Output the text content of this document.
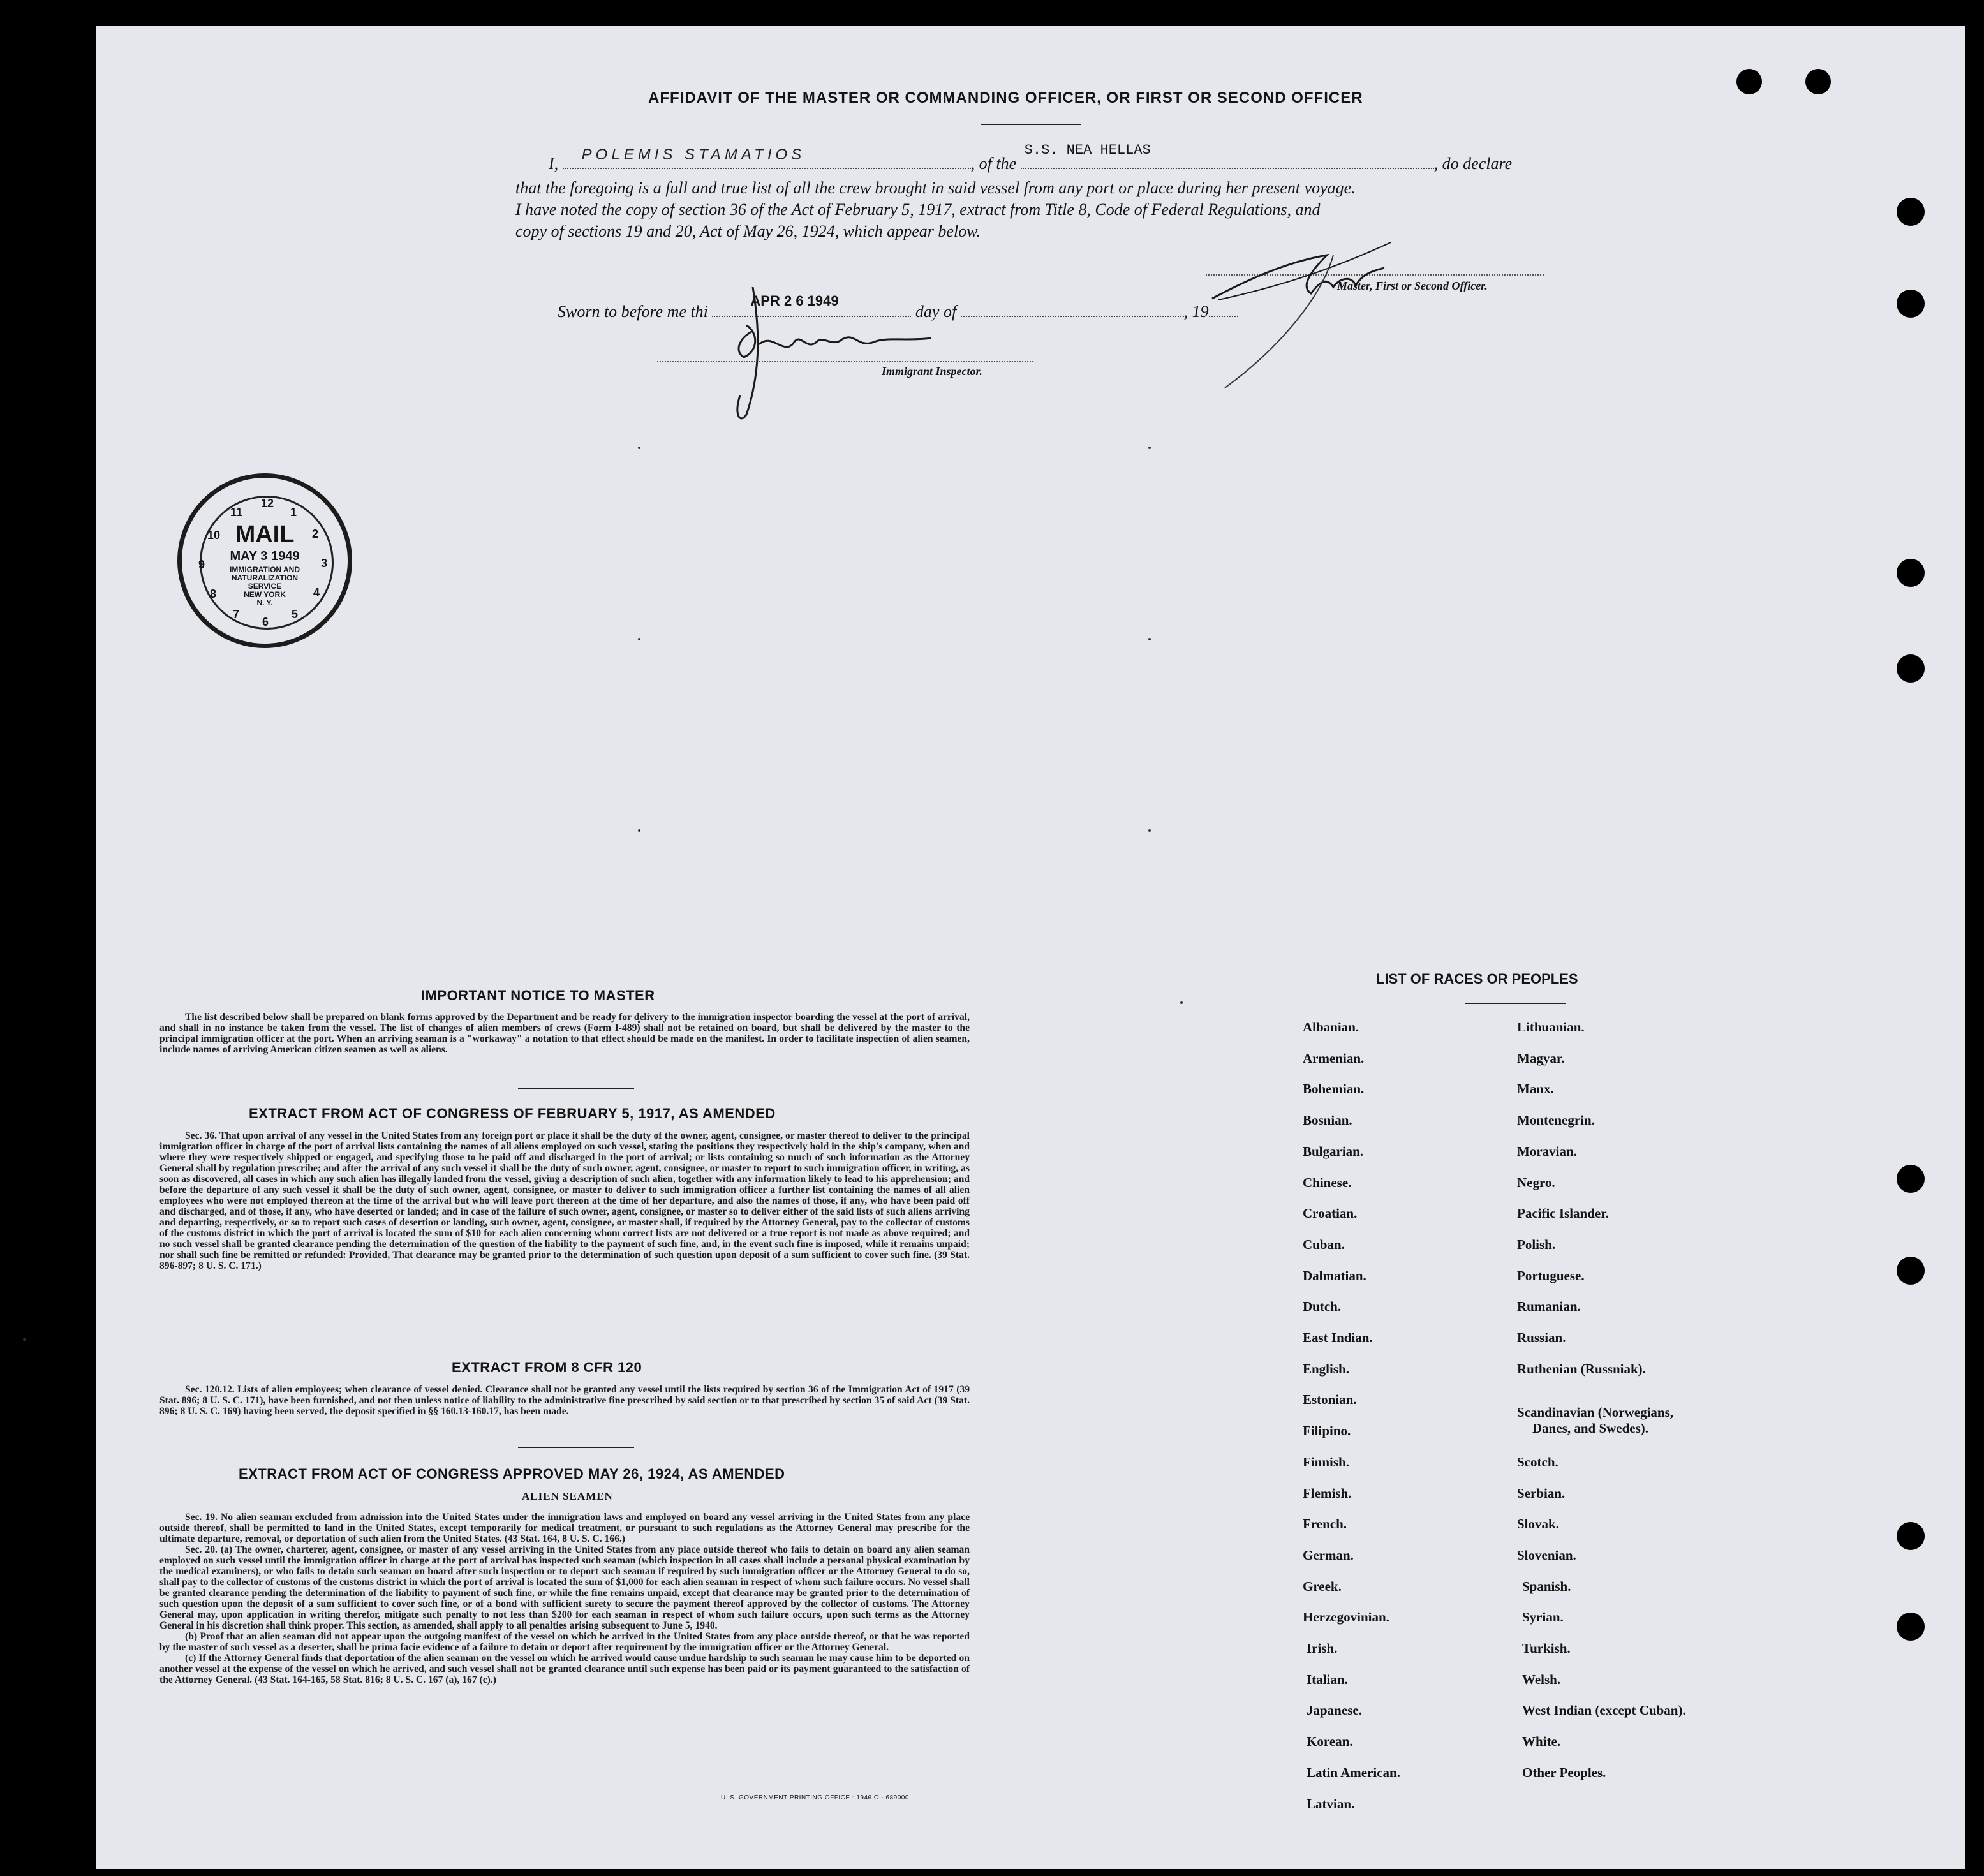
AFFIDAVIT OF THE MASTER OR COMMANDING OFFICER, OR FIRST OR SECOND OFFICER
I, POLEMIS STAMATIOS	, of the
S.S. NEA HELLAS
, do declare
that the foregoing is a full and true list of all the crew brought in said vessel from any port or place during her present voyage.
I have noted the copy of section 36 of the Act of February 5, 1917, extract from Title 8, Code of Federal Regulations, and
copy of sections 19 and 20, Act of May 26, 1924, which appear below.
Master, First or Second Officer.
Sworn to before me thi
APR 2 6 1949
day of	, 19
Immigrant Inspector.
12
1
2
3
4
5
6
7
8
9
10
11
MAIL
MAY 3 1949
IMMIGRATION AND
NATURALIZATION
SERVICE
NEW YORK
N. Y.
IMPORTANT NOTICE TO MASTER

The list described below shall be prepared on blank forms approved by the Department and be ready for delivery to the immigration inspector boarding the vessel at the port of arrival, and shall in no instance be taken from the vessel. The list of changes of alien members of crews (Form I-489) shall not be retained on board, but shall be delivered by the master to the principal immigration officer at the port. When an arriving seaman is a "workaway" a notation to that effect should be made on the manifest. In order to facilitate inspection of alien seamen, include names of arriving American citizen seamen as well as aliens.

EXTRACT FROM ACT OF CONGRESS OF FEBRUARY 5, 1917, AS AMENDED

Sec. 36. That upon arrival of any vessel in the United States from any foreign port or place it shall be the duty of the owner, agent, consignee, or master thereof to deliver to the principal immigration officer in charge of the port of arrival lists containing the names of all aliens employed on such vessel, stating the positions they respectively hold in the ship's company, when and where they were respectively shipped or engaged, and specifying those to be paid off and discharged in the port of arrival; or lists containing so much of such information as the Attorney General shall by regulation prescribe; and after the arrival of any such vessel it shall be the duty of such owner, agent, consignee, or master to report to such immigration officer, in writing, as soon as discovered, all cases in which any such alien has illegally landed from the vessel, giving a description of such alien, together with any information likely to lead to his apprehension; and before the departure of any such vessel it shall be the duty of such owner, agent, consignee, or master to deliver to such immigration officer a further list containing the names of all alien employees who were not employed thereon at the time of the arrival but who will leave port thereon at the time of her departure, and also the names of those, if any, who have been paid off and discharged, and of those, if any, who have deserted or landed; and in case of the failure of such owner, agent, consignee, or master so to deliver either of the said lists of such aliens arriving and departing, respectively, or so to report such cases of desertion or landing, such owner, agent, consignee, or master shall, if required by the Attorney General, pay to the collector of customs of the customs district in which the port of arrival is located the sum of $10 for each alien concerning whom correct lists are not delivered or a true report is not made as above required; and no such vessel shall be granted clearance pending the determination of the question of the liability to the payment of such fine, and, in the event such fine is imposed, while it remains unpaid; nor shall such fine be remitted or refunded: Provided, That clearance may be granted prior to the determination of such question upon deposit of a sum sufficient to cover such fine. (39 Stat. 896-897; 8 U. S. C. 171.)

EXTRACT FROM 8 CFR 120

Sec. 120.12. Lists of alien employees; when clearance of vessel denied. Clearance shall not be granted any vessel until the lists required by section 36 of the Immigration Act of 1917 (39 Stat. 896; 8 U. S. C. 171), have been furnished, and not then unless notice of liability to the administrative fine prescribed by said section or to that prescribed by section 35 of said Act (39 Stat. 896; 8 U. S. C. 169) having been served, the deposit specified in §§ 160.13-160.17, has been made.

EXTRACT FROM ACT OF CONGRESS APPROVED MAY 26, 1924, AS AMENDED
ALIEN SEAMEN

Sec. 19. No alien seaman excluded from admission into the United States under the immigration laws and employed on board any vessel arriving in the United States from any place outside thereof, shall be permitted to land in the United States, except temporarily for medical treatment, or pursuant to such regulations as the Attorney General may prescribe for the ultimate departure, removal, or deportation of such alien from the United States. (43 Stat. 164, 8 U. S. C. 166.)

Sec. 20. (a) The owner, charterer, agent, consignee, or master of any vessel arriving in the United States from any place outside thereof who fails to detain on board any alien seaman employed on such vessel until the immigration officer in charge at the port of arrival has inspected such seaman (which inspection in all cases shall include a personal physical examination by the medical examiners), or who fails to detain such seaman on board after such inspection or to deport such seaman if required by such immigration officer or the Attorney General to do so, shall pay to the collector of customs of the customs district in which the port of arrival is located the sum of $1,000 for each alien seaman in respect of whom such failure occurs. No vessel shall be granted clearance pending the determination of the liability to payment of such fine, or while the fine remains unpaid, except that clearance may be granted prior to the determination of such question upon the deposit of a sum sufficient to cover such fine, or of a bond with sufficient surety to secure the payment thereof approved by the collector of customs. The Attorney General may, upon application in writing therefor, mitigate such penalty to not less than $200 for each seaman in respect of whom such failure occurs, upon such terms as the Attorney General in his discretion shall think proper. This section, as amended, shall apply to all penalties arising subsequent to June 5, 1940.

(b) Proof that an alien seaman did not appear upon the outgoing manifest of the vessel on which he arrived in the United States from any place outside thereof, or that he was reported by the master of such vessel as a deserter, shall be prima facie evidence of a failure to detain or deport after requirement by the immigration officer or the Attorney General.

(c) If the Attorney General finds that deportation of the alien seaman on the vessel on which he arrived would cause undue hardship to such seaman he may cause him to be deported on another vessel at the expense of the vessel on which he arrived, and such vessel shall not be granted clearance until such expense has been paid or its payment guaranteed to the satisfaction of the Attorney General. (43 Stat. 164-165, 58 Stat. 816; 8 U. S. C. 167 (a), 167 (c).)

U. S. GOVERNMENT PRINTING OFFICE : 1946 O - 689000
LIST OF RACES OR PEOPLES
Albanian.
Armenian.
Bohemian.
Bosnian.
Bulgarian.
Chinese.
Croatian.
Cuban.
Dalmatian.
Dutch.
East Indian.
English.
Estonian.
Filipino.
Finnish.
Flemish.
French.
German.
Greek.
Herzegovinian.
Irish.
Italian.
Japanese.
Korean.
Latin American.
Latvian.
Lithuanian.
Magyar.
Manx.
Montenegrin.
Moravian.
Negro.
Pacific Islander.
Polish.
Portuguese.
Rumanian.
Russian.
Ruthenian (Russniak).
Scandinavian (Norwegians,
Danes, and Swedes).
Scotch.
Serbian.
Slovak.
Slovenian.
Spanish.
Syrian.
Turkish.
Welsh.
West Indian (except Cuban).
White.
Other Peoples.
